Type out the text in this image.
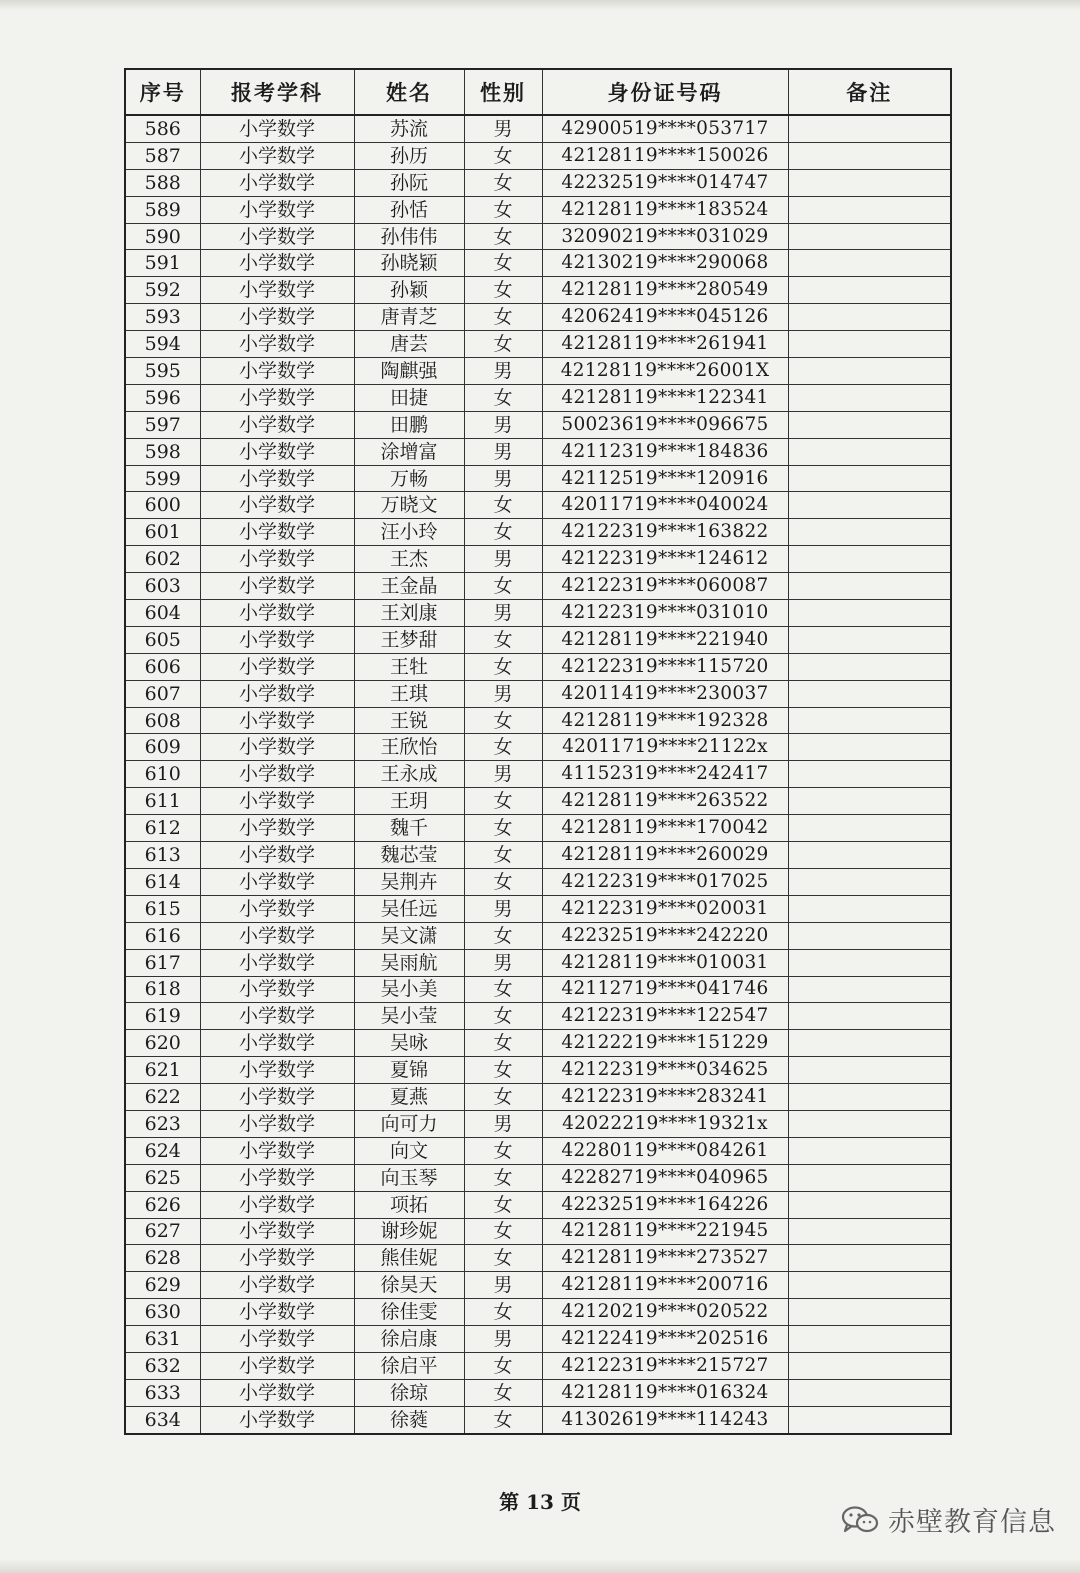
序号	报考学科	姓名	性别	身份证号码	备注
586	小学数学	苏流	男	42900519****053717	
587	小学数学	孙历	女	42128119****150026	
588	小学数学	孙阮	女	42232519****014747	
589	小学数学	孙恬	女	42128119****183524	
590	小学数学	孙伟伟	女	32090219****031029	
591	小学数学	孙晓颖	女	42130219****290068	
592	小学数学	孙颖	女	42128119****280549	
593	小学数学	唐青芝	女	42062419****045126	
594	小学数学	唐芸	女	42128119****261941	
595	小学数学	陶麒强	男	42128119****26001X	
596	小学数学	田捷	女	42128119****122341	
597	小学数学	田鹏	男	50023619****096675	
598	小学数学	涂增富	男	42112319****184836	
599	小学数学	万畅	男	42112519****120916	
600	小学数学	万晓文	女	42011719****040024	
601	小学数学	汪小玲	女	42122319****163822	
602	小学数学	王杰	男	42122319****124612	
603	小学数学	王金晶	女	42122319****060087	
604	小学数学	王刘康	男	42122319****031010	
605	小学数学	王梦甜	女	42128119****221940	
606	小学数学	王牡	女	42122319****115720	
607	小学数学	王琪	男	42011419****230037	
608	小学数学	王锐	女	42128119****192328	
609	小学数学	王欣怡	女	42011719****21122x	
610	小学数学	王永成	男	41152319****242417	
611	小学数学	王玥	女	42128119****263522	
612	小学数学	魏千	女	42128119****170042	
613	小学数学	魏芯莹	女	42128119****260029	
614	小学数学	吴荆卉	女	42122319****017025	
615	小学数学	吴任远	男	42122319****020031	
616	小学数学	吴文潇	女	42232519****242220	
617	小学数学	吴雨航	男	42128119****010031	
618	小学数学	吴小美	女	42112719****041746	
619	小学数学	吴小莹	女	42122319****122547	
620	小学数学	吴咏	女	42122219****151229	
621	小学数学	夏锦	女	42122319****034625	
622	小学数学	夏燕	女	42122319****283241	
623	小学数学	向可力	男	42022219****19321x	
624	小学数学	向文	女	42280119****084261	
625	小学数学	向玉琴	女	42282719****040965	
626	小学数学	项拓	女	42232519****164226	
627	小学数学	谢珍妮	女	42128119****221945	
628	小学数学	熊佳妮	女	42128119****273527	
629	小学数学	徐昊天	男	42128119****200716	
630	小学数学	徐佳雯	女	42120219****020522	
631	小学数学	徐启康	男	42122419****202516	
632	小学数学	徐启平	女	42122319****215727	
633	小学数学	徐琼	女	42128119****016324	
634	小学数学	徐蕤	女	41302619****114243	
第 13 页
赤壁教育信息
